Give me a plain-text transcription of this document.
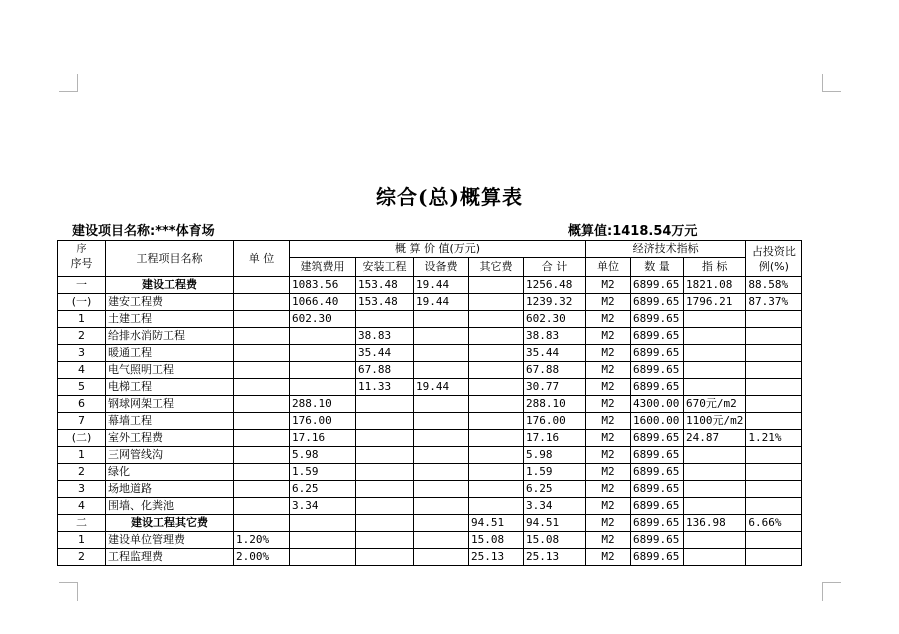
综合(总)概算表
建设项目名称:***体育场	概算值:1418.54万元
序
序号	工程项目名称	单 位	概 算 价 值(万元)					经济技术指标			占投资比例(%)
			建筑费用	安装工程	设备费	其它费	合 计	单位	数 量	指 标	
一	建设工程费		1083.56	153.48	19.44		1256.48	M2	6899.65	1821.08	88.58%
(一)	建安工程费		1066.40	153.48	19.44		1239.32	M2	6899.65	1796.21	87.37%
1	土建工程		602.30				602.30	M2	6899.65		
2	给排水消防工程			38.83			38.83	M2	6899.65		
3	暖通工程			35.44			35.44	M2	6899.65		
4	电气照明工程			67.88			67.88	M2	6899.65		
5	电梯工程			11.33	19.44		30.77	M2	6899.65		
6	钢球网架工程		288.10				288.10	M2	4300.00	670元/m2	
7	幕墙工程		176.00				176.00	M2	1600.00	1100元/m2	
(二)	室外工程费		17.16				17.16	M2	6899.65	24.87	1.21%
1	三网管线沟		5.98				5.98	M2	6899.65		
2	绿化		1.59				1.59	M2	6899.65		
3	场地道路		6.25				6.25	M2	6899.65		
4	围墙、化粪池		3.34				3.34	M2	6899.65		
二	建设工程其它费					94.51	94.51	M2	6899.65	136.98	6.66%
1	建设单位管理费	1.20%				15.08	15.08	M2	6899.65		
2	工程监理费	2.00%				25.13	25.13	M2	6899.65		
